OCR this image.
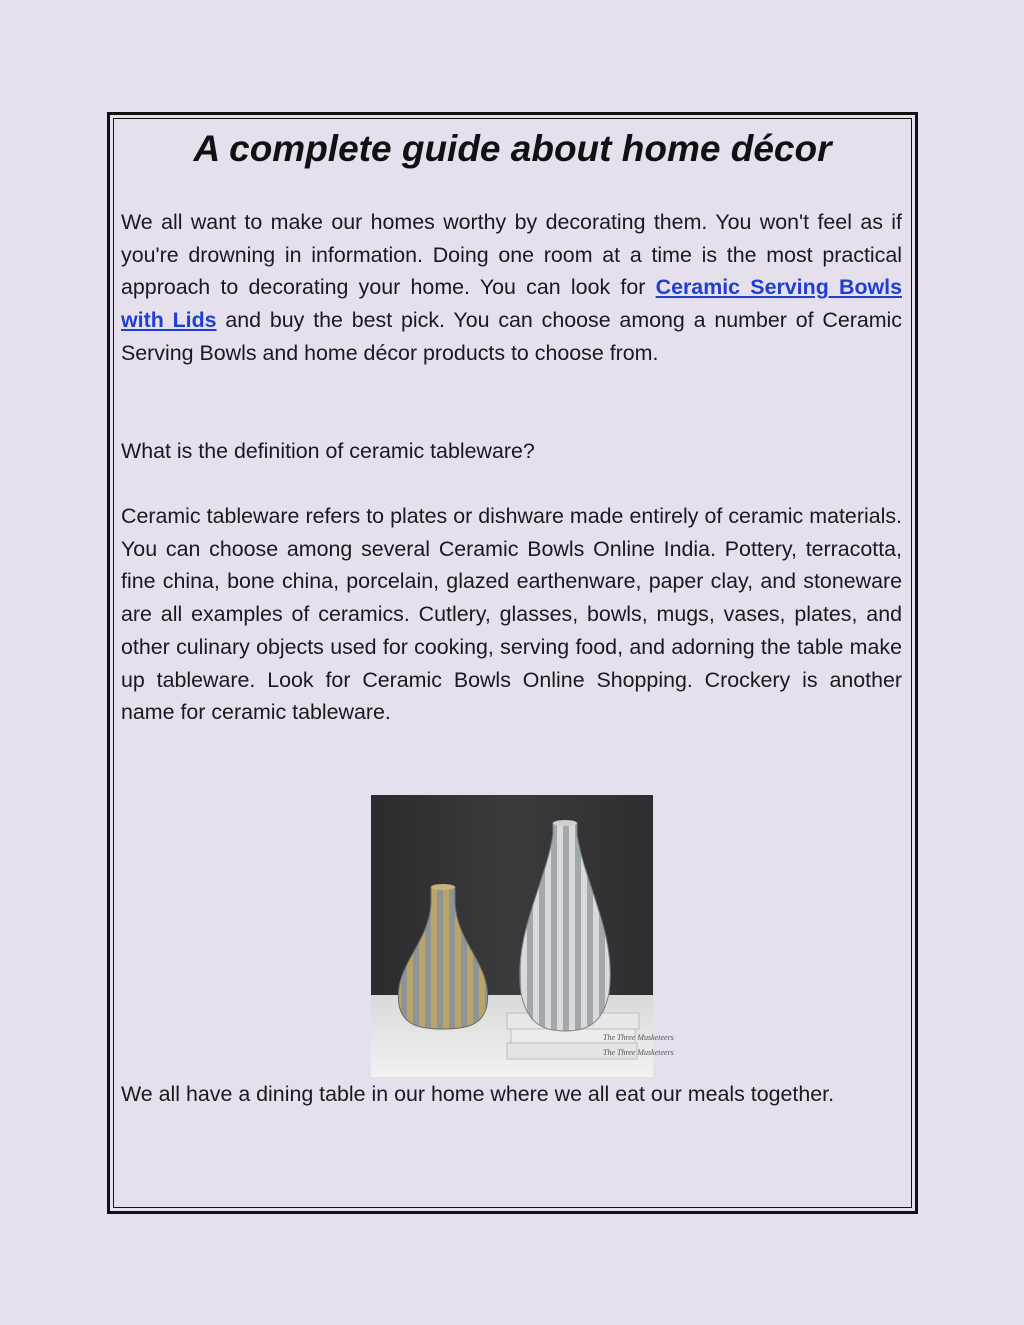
A complete guide about home décor

We all want to make our homes worthy by decorating them. You won't feel as if you're drowning in information. Doing one room at a time is the most practical approach to decorating your home. You can look for Ceramic Serving Bowls with Lids and buy the best pick. You can choose among a number of Ceramic Serving Bowls and home décor products to choose from.

What is the definition of ceramic tableware?

Ceramic tableware refers to plates or dishware made entirely of ceramic materials. You can choose among several Ceramic Bowls Online India. Pottery, terracotta, fine china, bone china, porcelain, glazed earthenware, paper clay, and stoneware are all examples of ceramics. Cutlery, glasses, bowls, mugs, vases, plates, and other culinary objects used for cooking, serving food, and adorning the table make up tableware. Look for Ceramic Bowls Online Shopping. Crockery is another name for ceramic tableware.

The Three Musketeers
The Three Musketeers

We all have a dining table in our home where we all eat our meals together.
